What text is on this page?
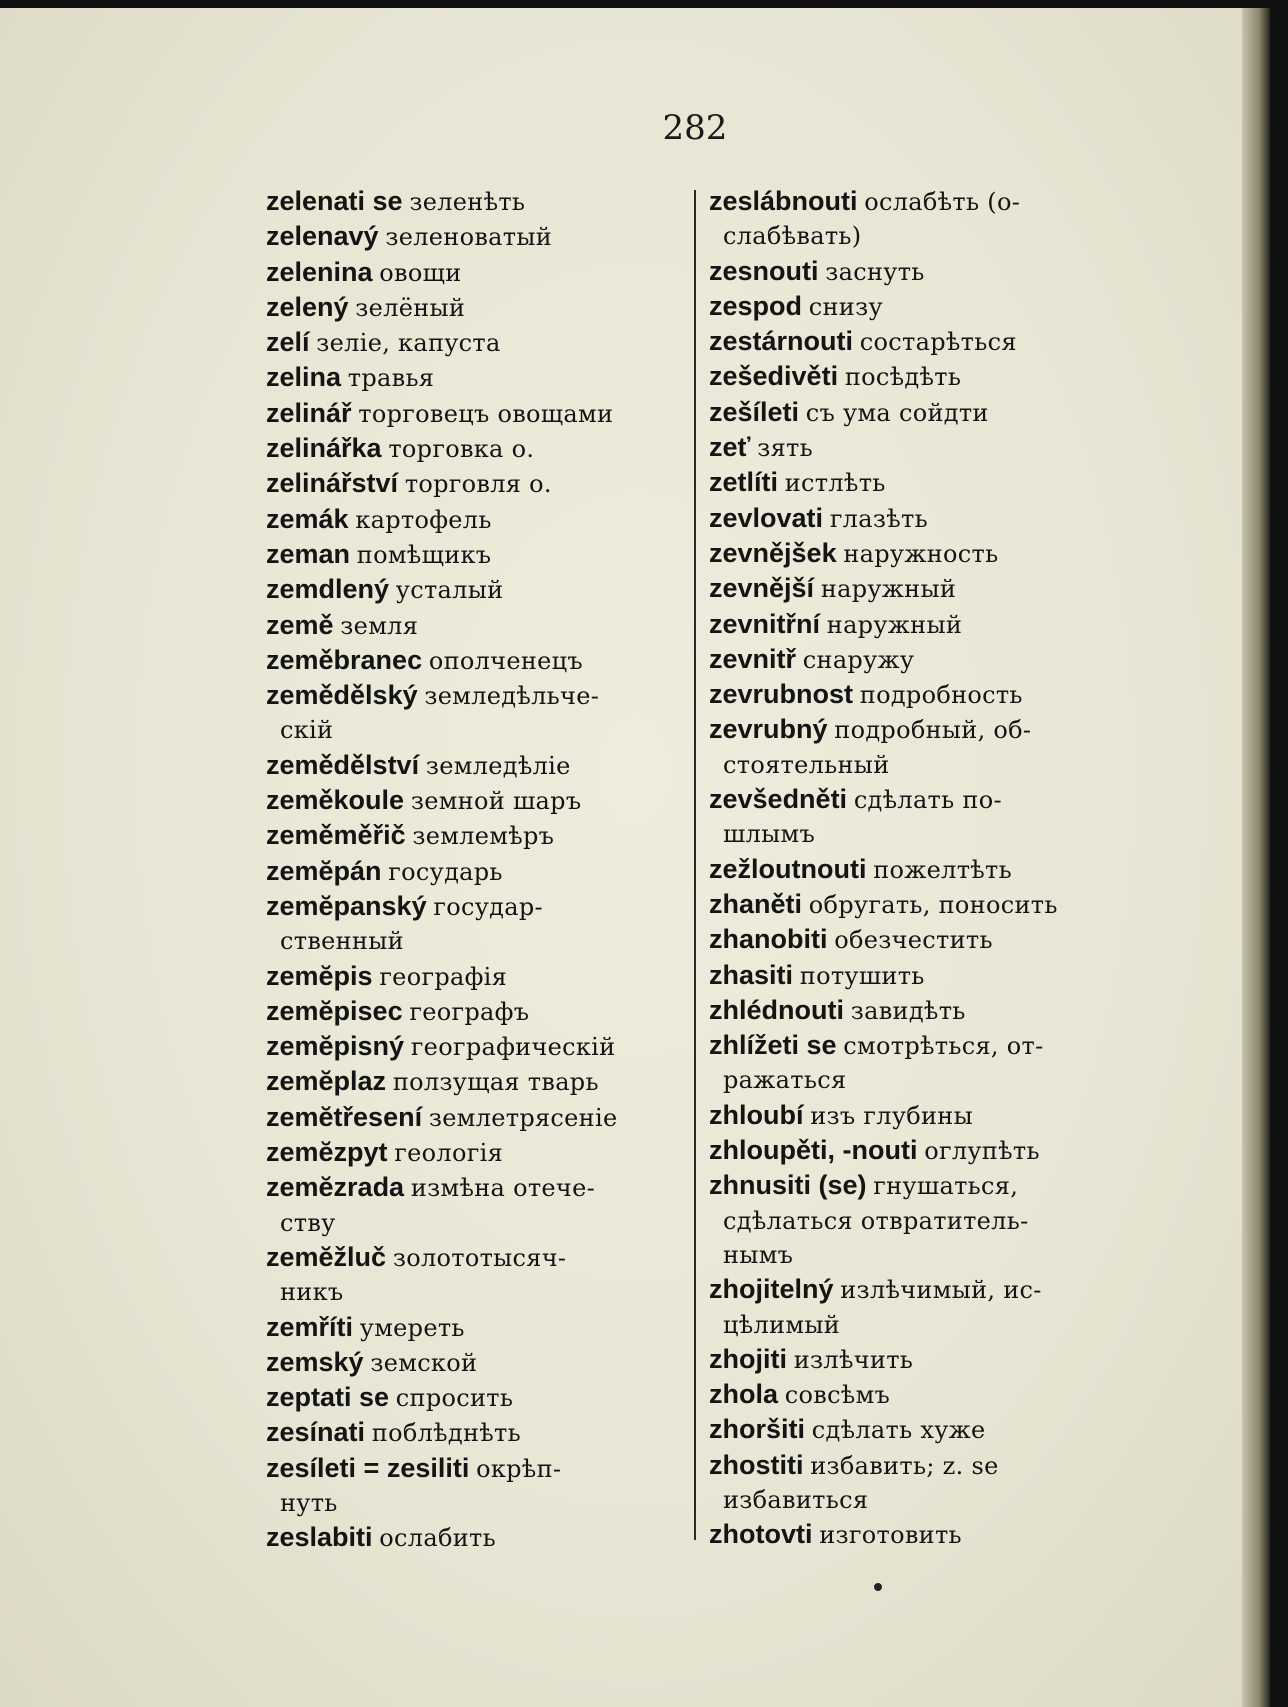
282
zelenati se зеленѣть
zelenavý зеленоватый
zelenina овощи
zelený зелёный
zelí зеліе, капуста
zelina травья
zelinář торговецъ овощами
zelinářka торговка о.
zelinářství торговля о.
zemák картофель
zeman помѣщикъ
zemdlený усталый
země земля
zeměbranec ополченецъ
zemědělský земледѣльче-
скій
zemědělství земледѣліе
zeměkoule земной шаръ
zeměměřič землемѣръ
zemĕpán государь
zemĕpanský государ-
ственный
zemĕpis географія
zemĕpisec географъ
zemĕpisný географическій
zemĕplaz ползущая тварь
zemĕtřesení землетрясеніе
zemĕzpyt геологія
zemĕzrada измѣна отече-
ству
zemĕžluč золототысяч-
никъ
zemříti умереть
zemský земской
zeptati se спросить
zesínati поблѣднѣть
zesíleti = zesiliti окрѣп-
нуть
zeslabiti ослабить
zeslábnouti ослабѣть (о-
слабѣвать)
zesnouti заснуть
zespod снизу
zestárnouti состарѣться
zešedivěti посѣдѣть
zešíleti съ ума сойдти
zeť зять
zetlíti истлѣть
zevlovati глазѣть
zevnějšek наружность
zevnější наружный
zevnitřní наружный
zevnitř снаружу
zevrubnost подробность
zevrubný подробный, об-
стоятельный
zevšedněti сдѣлать по-
шлымъ
zežloutnouti пожелтѣть
zhaněti обругать, поносить
zhanobiti обезчестить
zhasiti потушить
zhlédnouti завидѣть
zhlížeti se смотрѣться, от-
ражаться
zhloubí изъ глубины
zhloupěti, -nouti оглупѣть
zhnusiti (se) гнушаться,
сдѣлаться отвратитель-
нымъ
zhojitelný излѣчимый, ис-
цѣлимый
zhojiti излѣчить
zhola совсѣмъ
zhoršiti сдѣлать хуже
zhostiti избавить; z. se
избавиться
zhotovti изготовить
